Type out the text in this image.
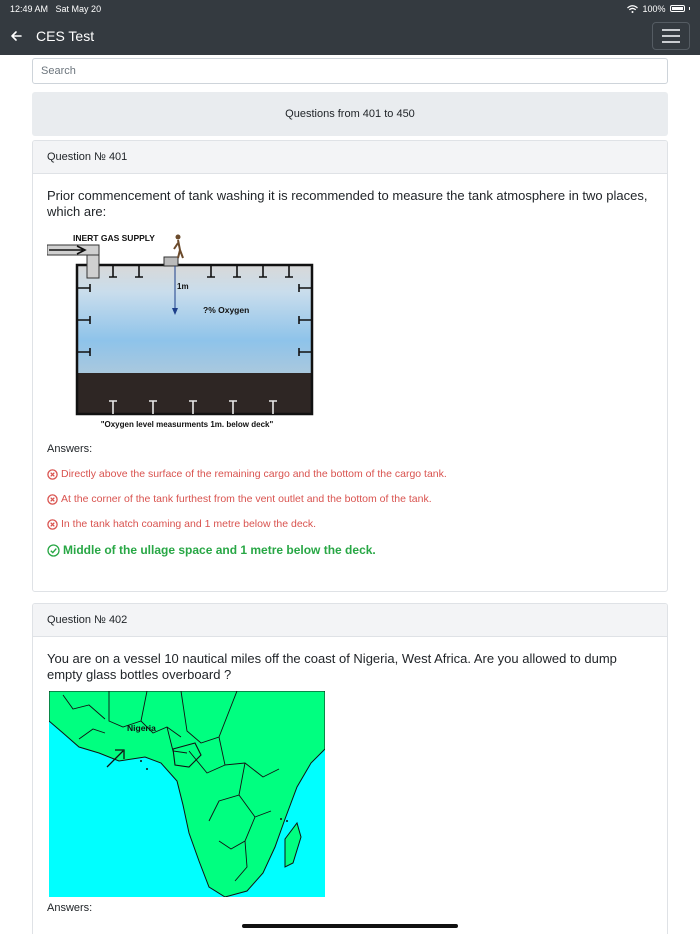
12:49 AM Sat May 20	100%
CES Test
Search
Questions from 401 to 450
Question № 401
Prior commencement of tank washing it is recommended to measure the tank atmosphere in two places, which are:
1m
?% Oxygen
INERT GAS SUPPLY
"Oxygen level measurments 1m. below deck"
Answers:
Directly above the surface of the remaining cargo and the bottom of the cargo tank.
At the corner of the tank furthest from the vent outlet and the bottom of the tank.
In the tank hatch coaming and 1 metre below the deck.
Middle of the ullage space and 1 metre below the deck.
Question № 402
You are on a vessel 10 nautical miles off the coast of Nigeria, West Africa. Are you allowed to dump empty glass bottles overboard ?
Nigeria
Answers:
